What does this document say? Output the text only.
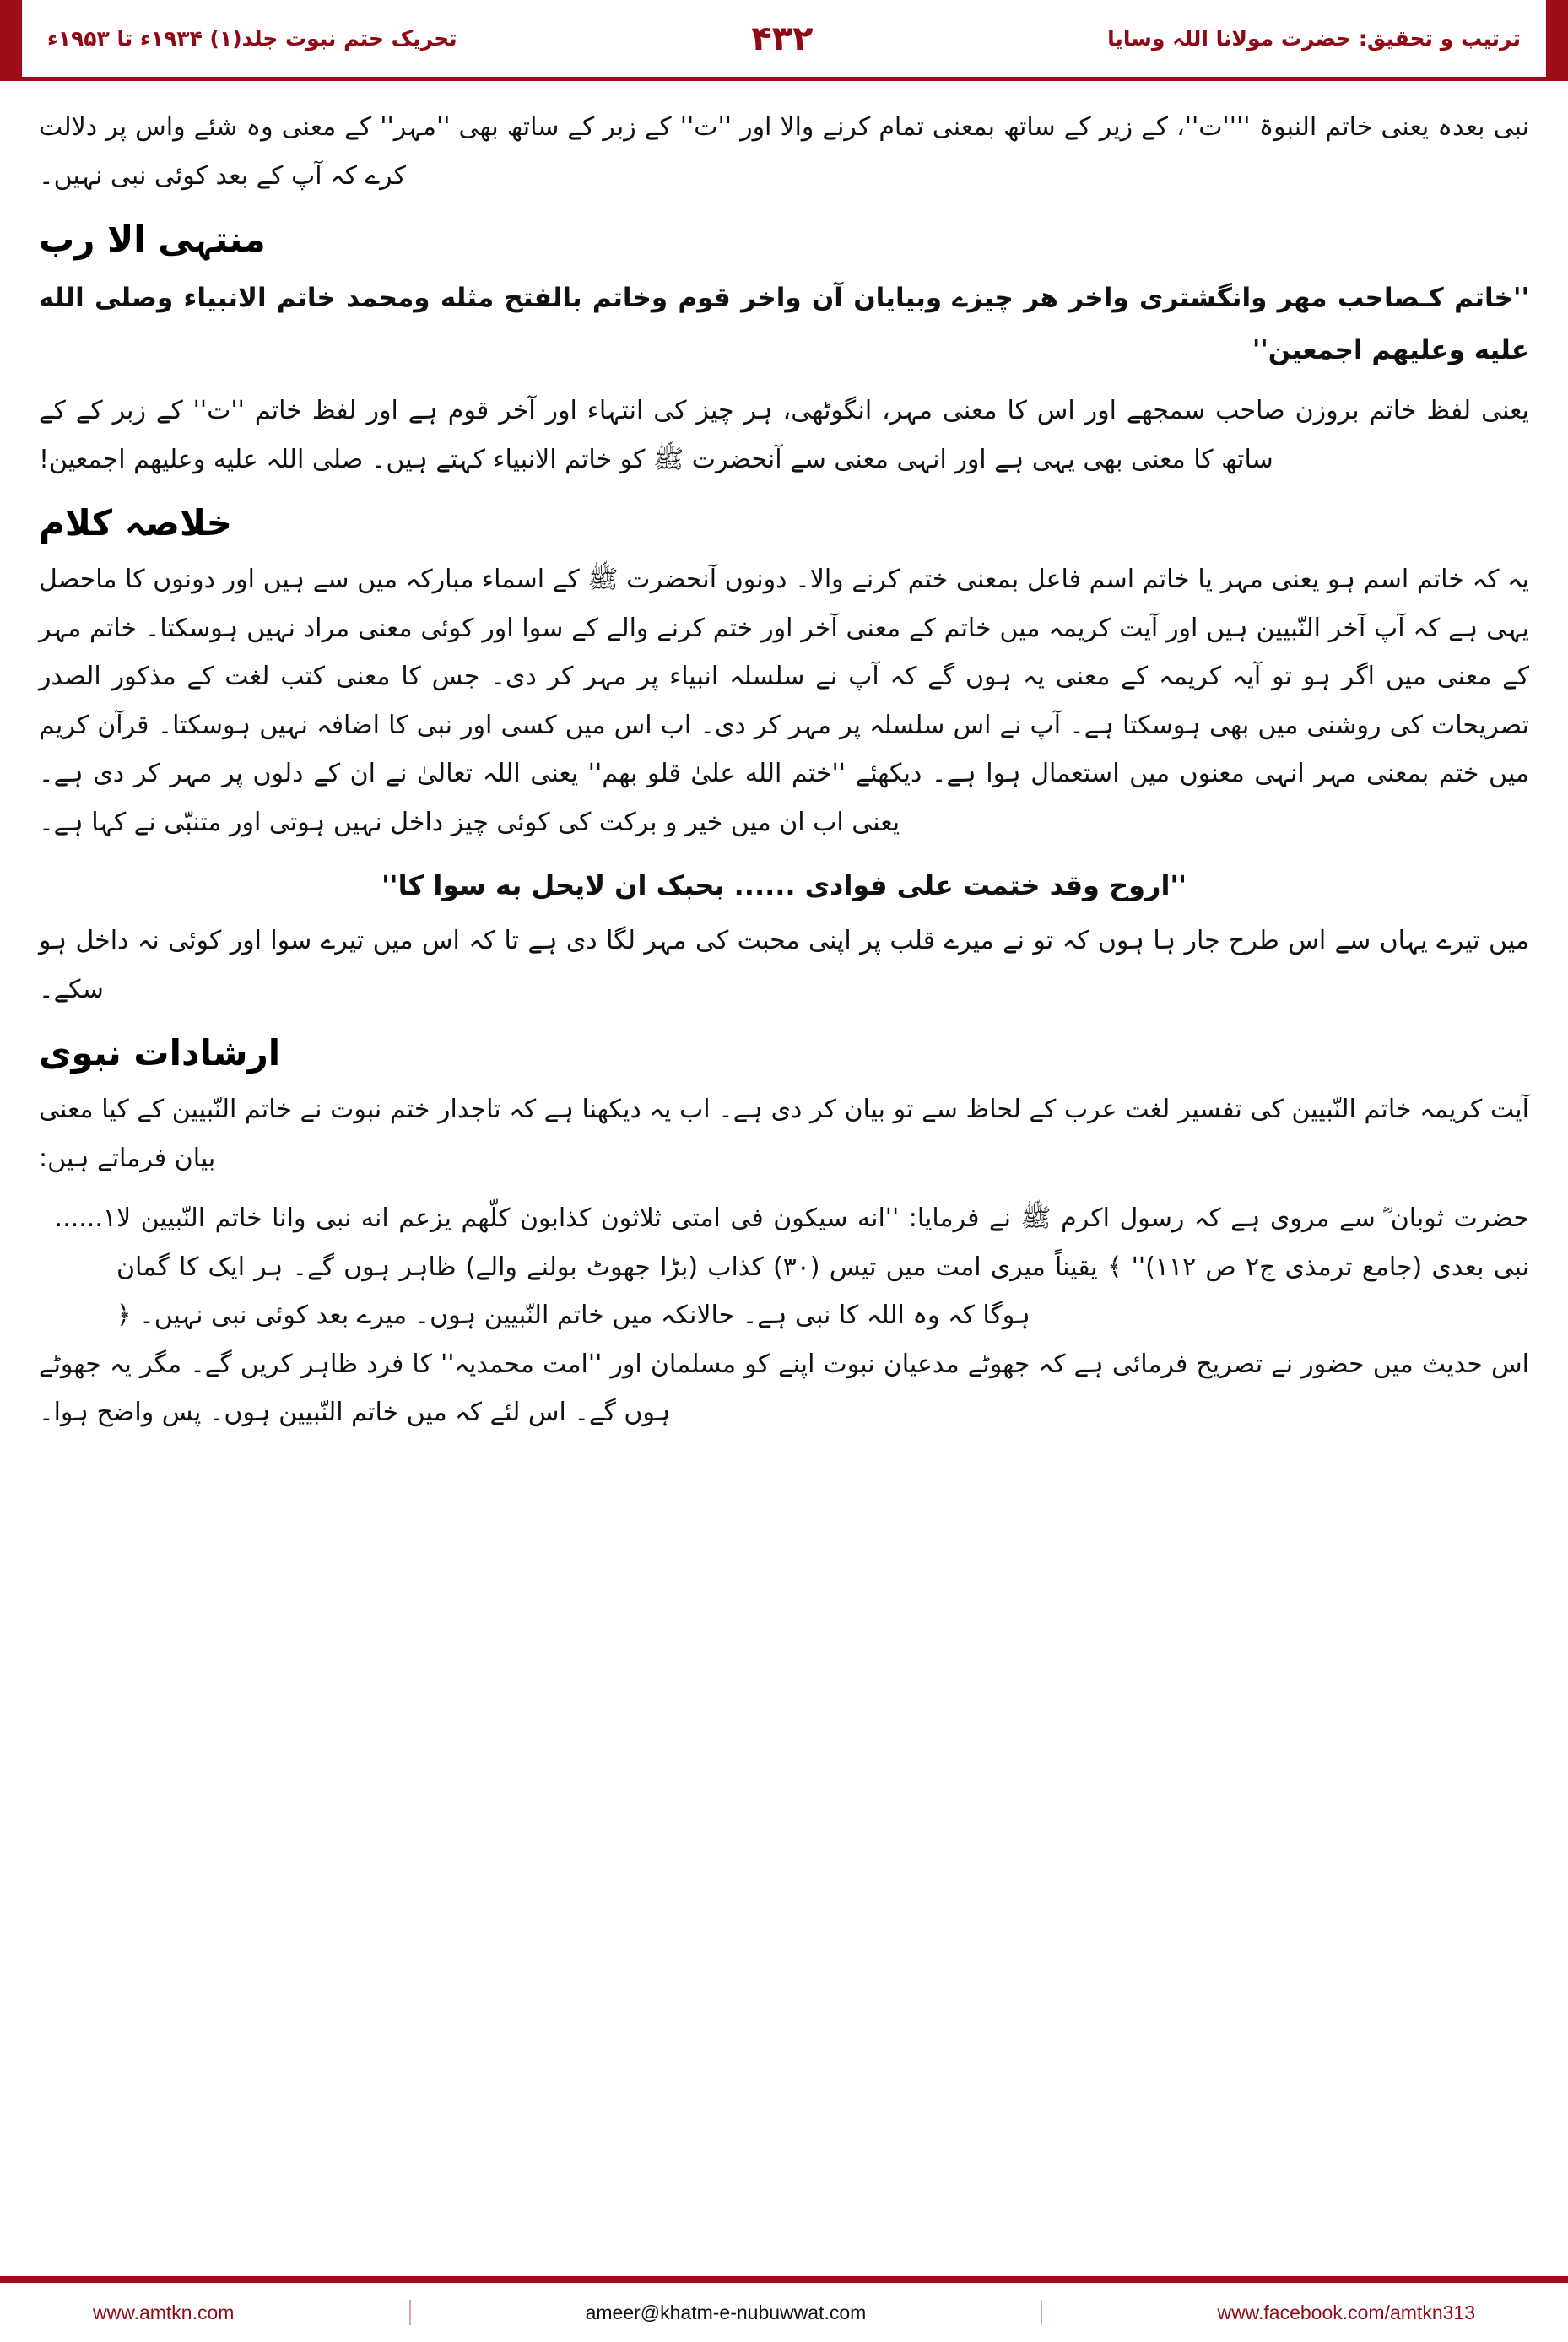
ترتیب و تحقیق: حضرت مولانا اللہ وسایا
۴۳۲
تحریک ختم نبوت جلد(۱) ۱۹۳۴ء تا ۱۹۵۳ء

نبی بعدہ یعنی خاتم النبوۃ ''''ت''، کے زیر کے ساتھ بمعنی تمام کرنے والا اور ''ت'' کے زبر کے ساتھ بھی ''مہر'' کے معنی وہ شئے واس پر دلالت کرے کہ آپ کے بعد کوئی نبی نہیں۔

منتہی الا رب

''خاتم کـصاحب مهر وانگشتری واخر هر چیزے وبیایان آن واخر قوم وخاتم بالفتح مثله ومحمد خاتم الانبیاء وصلی الله علیه وعلیهم اجمعین''

یعنی لفظ خاتم بروزن صاحب سمجھے اور اس کا معنی مہر، انگوٹھی، ہر چیز کی انتہاء اور آخر قوم ہے اور لفظ خاتم ''ت'' کے زبر کے کے ساتھ کا معنی بھی یہی ہے اور انہی معنی سے آنحضرت ﷺ کو خاتم الانبیاء کہتے ہیں۔ صلی اللہ علیه وعلیهم اجمعین!

خلاصہ کلام

یہ کہ خاتم اسم ہو یعنی مہر یا خاتم اسم فاعل بمعنی ختم کرنے والا۔ دونوں آنحضرت ﷺ کے اسماء مبارکہ میں سے ہیں اور دونوں کا ماحصل یہی ہے کہ آپ آخر النّبیین ہیں اور آیت کریمہ میں خاتم کے معنی آخر اور ختم کرنے والے کے سوا اور کوئی معنی مراد نہیں ہوسکتا۔ خاتم مہر کے معنی میں اگر ہو تو آیہ کریمہ کے معنی یہ ہوں گے کہ آپ نے سلسلہ انبیاء پر مہر کر دی۔ جس کا معنی کتب لغت کے مذکور الصدر تصریحات کی روشنی میں بھی ہوسکتا ہے۔ آپ نے اس سلسلہ پر مہر کر دی۔ اب اس میں کسی اور نبی کا اضافہ نہیں ہوسکتا۔ قرآن کریم میں ختم بمعنی مہر انہی معنوں میں استعمال ہوا ہے۔ دیکھئے ''ختم الله علیٰ قلو بهم'' یعنی اللہ تعالیٰ نے ان کے دلوں پر مہر کر دی ہے۔ یعنی اب ان میں خیر و برکت کی کوئی چیز داخل نہیں ہوتی اور متنبّی نے کہا ہے۔

''اروح وقد ختمت علی فوادی ...... بحبک ان لایحل به سوا کا''

میں تیرے یہاں سے اس طرح جار ہا ہوں کہ تو نے میرے قلب پر اپنی محبت کی مہر لگا دی ہے تا کہ اس میں تیرے سوا اور کوئی نہ داخل ہو سکے۔

ارشادات نبوی

آیت کریمہ خاتم النّبیین کی تفسیر لغت عرب کے لحاظ سے تو بیان کر دی ہے۔ اب یہ دیکھنا ہے کہ تاجدار ختم نبوت نے خاتم النّبیین کے کیا معنی بیان فرماتے ہیں:

۱...... حضرت ثوبان ؓ سے مروی ہے کہ رسول اکرم ﷺ نے فرمایا: ''انه سیکون فی امتی ثلاثون کذابون کلّهم یزعم انه نبی وانا خاتم النّبیین لا نبی بعدی (جامع ترمذی ج۲ ص ۱۱۲)'' ﴾ یقیناً میری امت میں تیس (۳۰) کذاب (بڑا جھوٹ بولنے والے) ظاہر ہوں گے۔ ہر ایک کا گمان ہوگا کہ وہ اللہ کا نبی ہے۔ حالانکہ میں خاتم النّبیین ہوں۔ میرے بعد کوئی نبی نہیں۔ ﴿

اس حدیث میں حضور نے تصریح فرمائی ہے کہ جھوٹے مدعیان نبوت اپنے کو مسلمان اور ''امت محمدیہ'' کا فرد ظاہر کریں گے۔ مگر یہ جھوٹے ہوں گے۔ اس لئے کہ میں خاتم النّبیین ہوں۔ پس واضح ہوا۔

www.amtkn.com	ameer@khatm-e-nubuwwat.com	www.facebook.com/amtkn313
